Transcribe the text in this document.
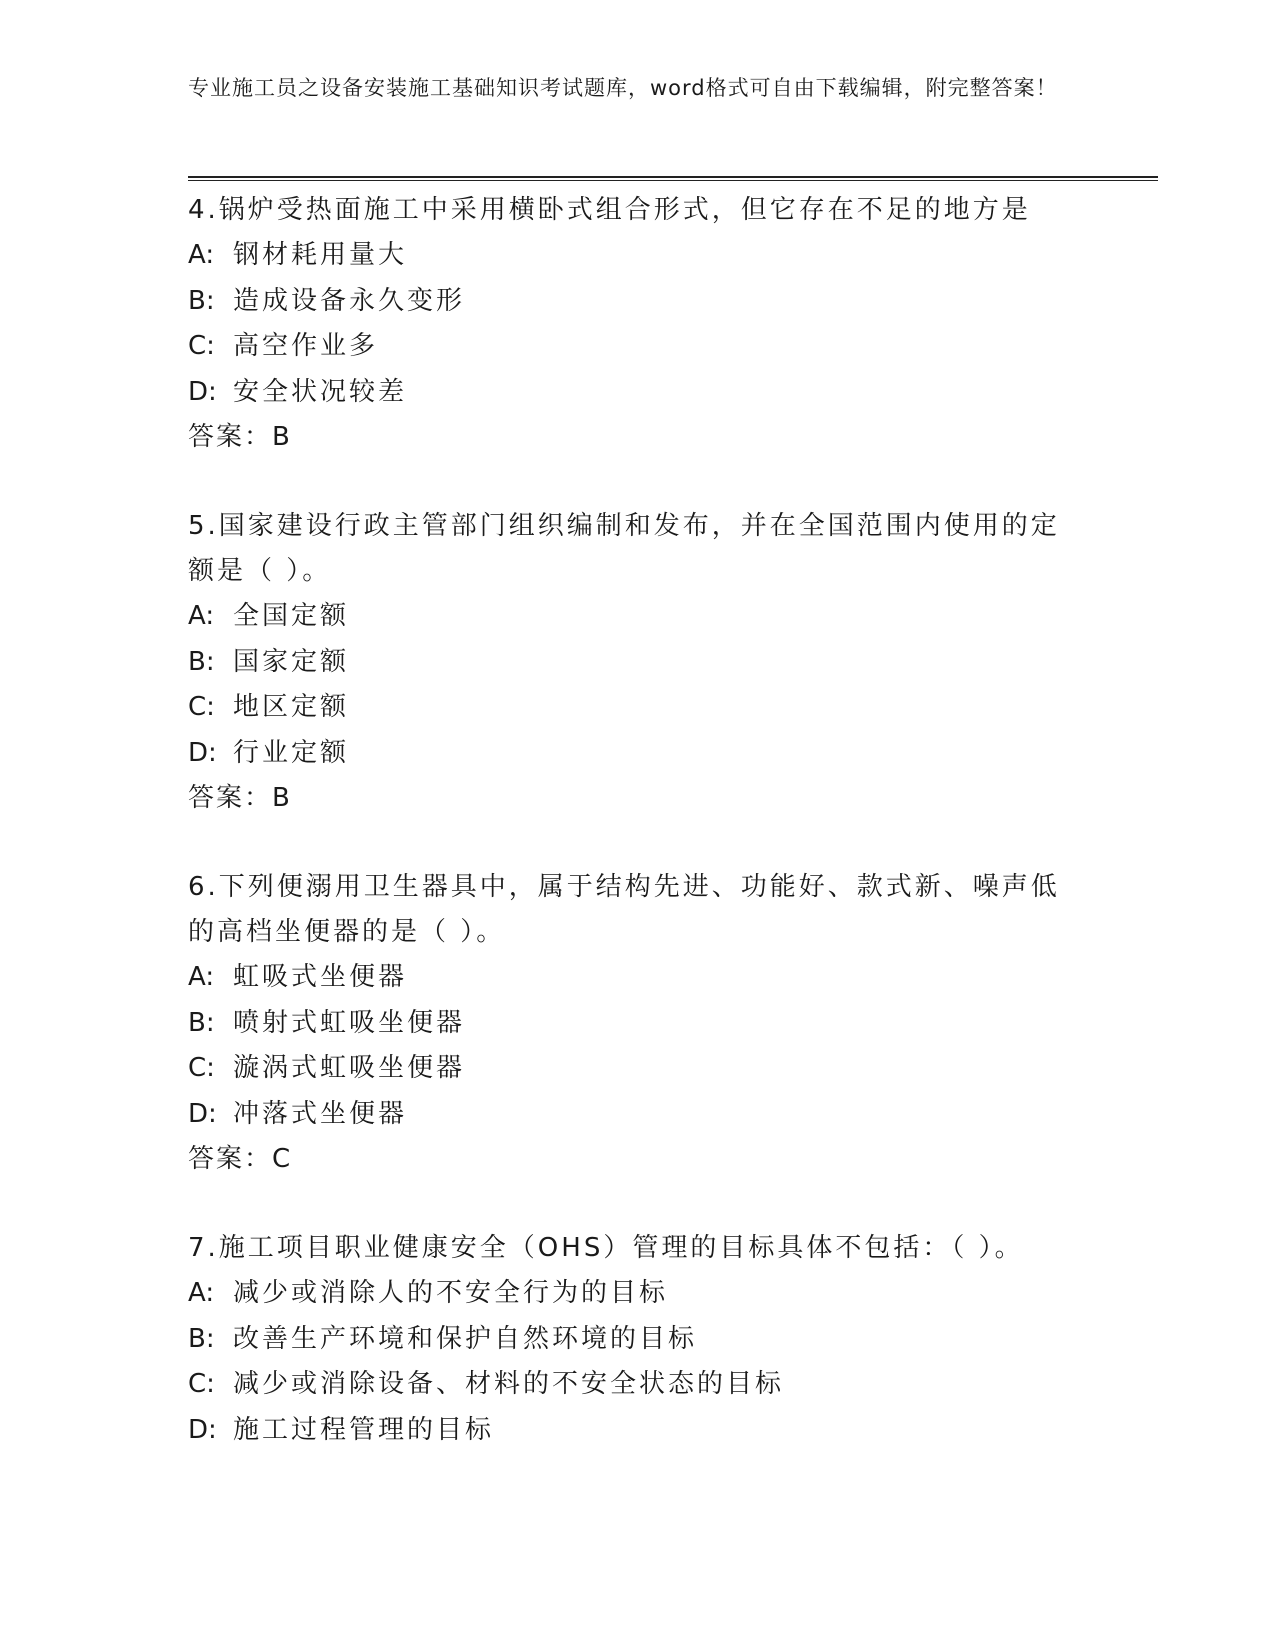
专业施工员之设备安装施工基础知识考试题库，word格式可自由下载编辑，附完整答案！
4.锅炉受热面施工中采用横卧式组合形式，但它存在不足的地方是
A: 钢材耗用量大
B: 造成设备永久变形
C: 高空作业多
D: 安全状况较差
答案：B
5.国家建设行政主管部门组织编制和发布，并在全国范围内使用的定额是（ ）。
A: 全国定额
B: 国家定额
C: 地区定额
D: 行业定额
答案：B
6.下列便溺用卫生器具中，属于结构先进、功能好、款式新、噪声低的高档坐便器的是（ ）。
A: 虹吸式坐便器
B: 喷射式虹吸坐便器
C: 漩涡式虹吸坐便器
D: 冲落式坐便器
答案：C
7.施工项目职业健康安全（OHS）管理的目标具体不包括：（ ）。
A: 减少或消除人的不安全行为的目标
B: 改善生产环境和保护自然环境的目标
C: 减少或消除设备、材料的不安全状态的目标
D: 施工过程管理的目标
